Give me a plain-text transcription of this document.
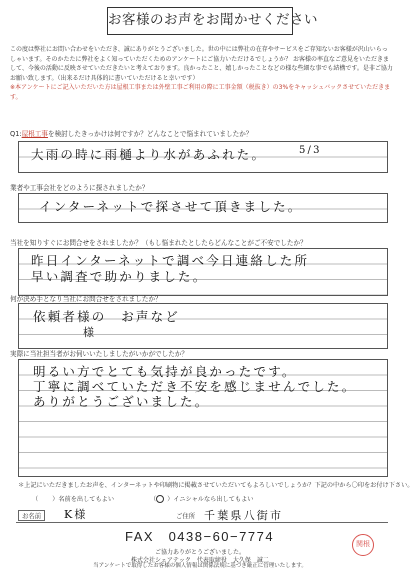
お客様のお声をお聞かせください

この度は弊社にお問い合わせをいただき、誠にありがとうございました。世の中には弊社の在存やサービスをご存知ないお客様が沢山いらっしゃいます。そのかたたに弊社をよく知っていただくためのアンケートにご協力いただけるでしょうか？ お客様の率直なご意見をいただきまして、今後の活動に反映させていただきたいと考えております。良かったこと、嬉しかったことなどの様な些細な事でも結構です。是非ご協力お願い致します。（出来るだけ具体的に書いていただけると幸いです）

※本アンケートにご記入いただいた方は屋根工事または外壁工事ご利用の際に工事金額（税抜き）の3%をキャッシュバックさせていただきます。

Q1:屋根工事を検討したきっかけは何ですか？どんなことで悩まれていましたか？
大雨の時に雨樋より水があふれた。	5/3
業者や工事会社をどのように探されましたか？
インターネットで探させて頂きました。
当社を知りすぐにお問合せをされましたか？（もし悩まれたとしたらどんなことがご不安でしたか？
昨日インターネットで調べ今日連絡した所
早い調査で助かりました。
何が決め手となり当社にお問合せをされましたか？
依頼者様の　お声など
様
実際に当社担当者がお伺いいたしましたがいかがでしたか？
明るい方でとても気持が良かったです。
丁寧に調べていただき不安を感じませんでした。
ありがとうございました。
＊上記にいただきましたお声を、インターネットや印刷物に掲載させていただいてもよろしいでしょうか？下記の中から〇印をお付け下さい。
（ ）名前を出してもよい	（○ ）イニシャルなら出してもよい
お名前	K様	ご住所 千葉県八街市
FAX　0438−60−7774
ご協力ありがとうございました。
株式会社シェアテック　代表取締役　大久保　誠二
当アンケートで取得したお客様の個人情報は関係法規に基づき厳正に管理いたします。
関根
